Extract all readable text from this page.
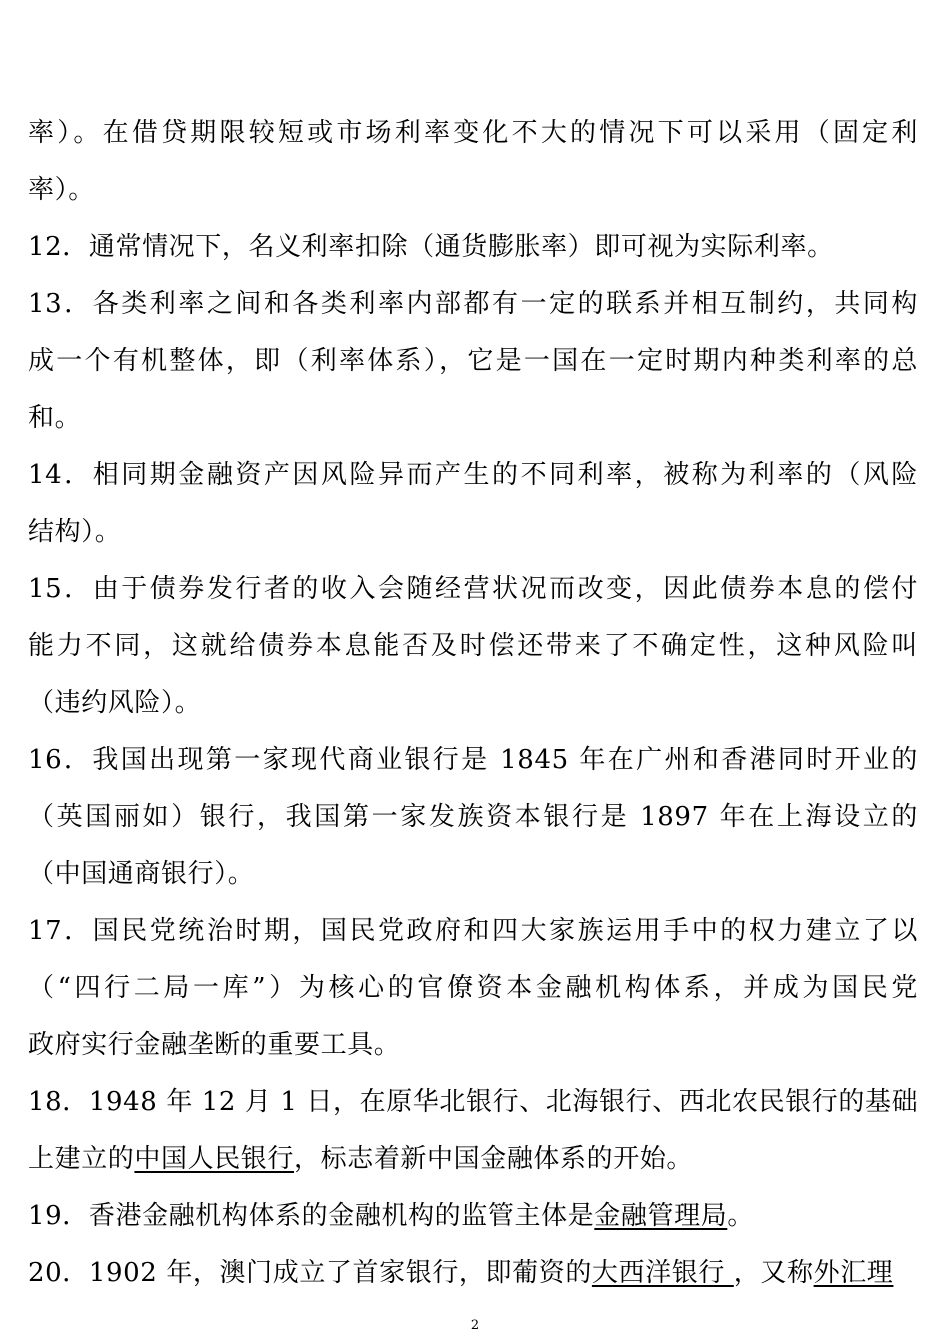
率）。在借贷期限较短或市场利率变化不大的情况下可以采用（固定利
率）。
12．通常情况下，名义利率扣除（通货膨胀率）即可视为实际利率。
13．各类利率之间和各类利率内部都有一定的联系并相互制约，共同构
成一个有机整体，即（利率体系），它是一国在一定时期内种类利率的总
和。
14．相同期金融资产因风险异而产生的不同利率，被称为利率的（风险
结构）。
15．由于债券发行者的收入会随经营状况而改变，因此债券本息的偿付
能力不同，这就给债券本息能否及时偿还带来了不确定性，这种风险叫
（违约风险）。
16．我国出现第一家现代商业银行是 1845 年在广州和香港同时开业的
（英国丽如）银行，我国第一家发族资本银行是 1897 年在上海设立的
（中国通商银行）。
17．国民党统治时期，国民党政府和四大家族运用手中的权力建立了以
（“四行二局一库”）为核心的官僚资本金融机构体系，并成为国民党
政府实行金融垄断的重要工具。
18．1948 年 12 月 1 日，在原华北银行、北海银行、西北农民银行的基础
上建立的中国人民银行，标志着新中国金融体系的开始。
19．香港金融机构体系的金融机构的监管主体是金融管理局。
20．1902 年，澳门成立了首家银行，即葡资的大西洋银行 ，又称外汇理
2
